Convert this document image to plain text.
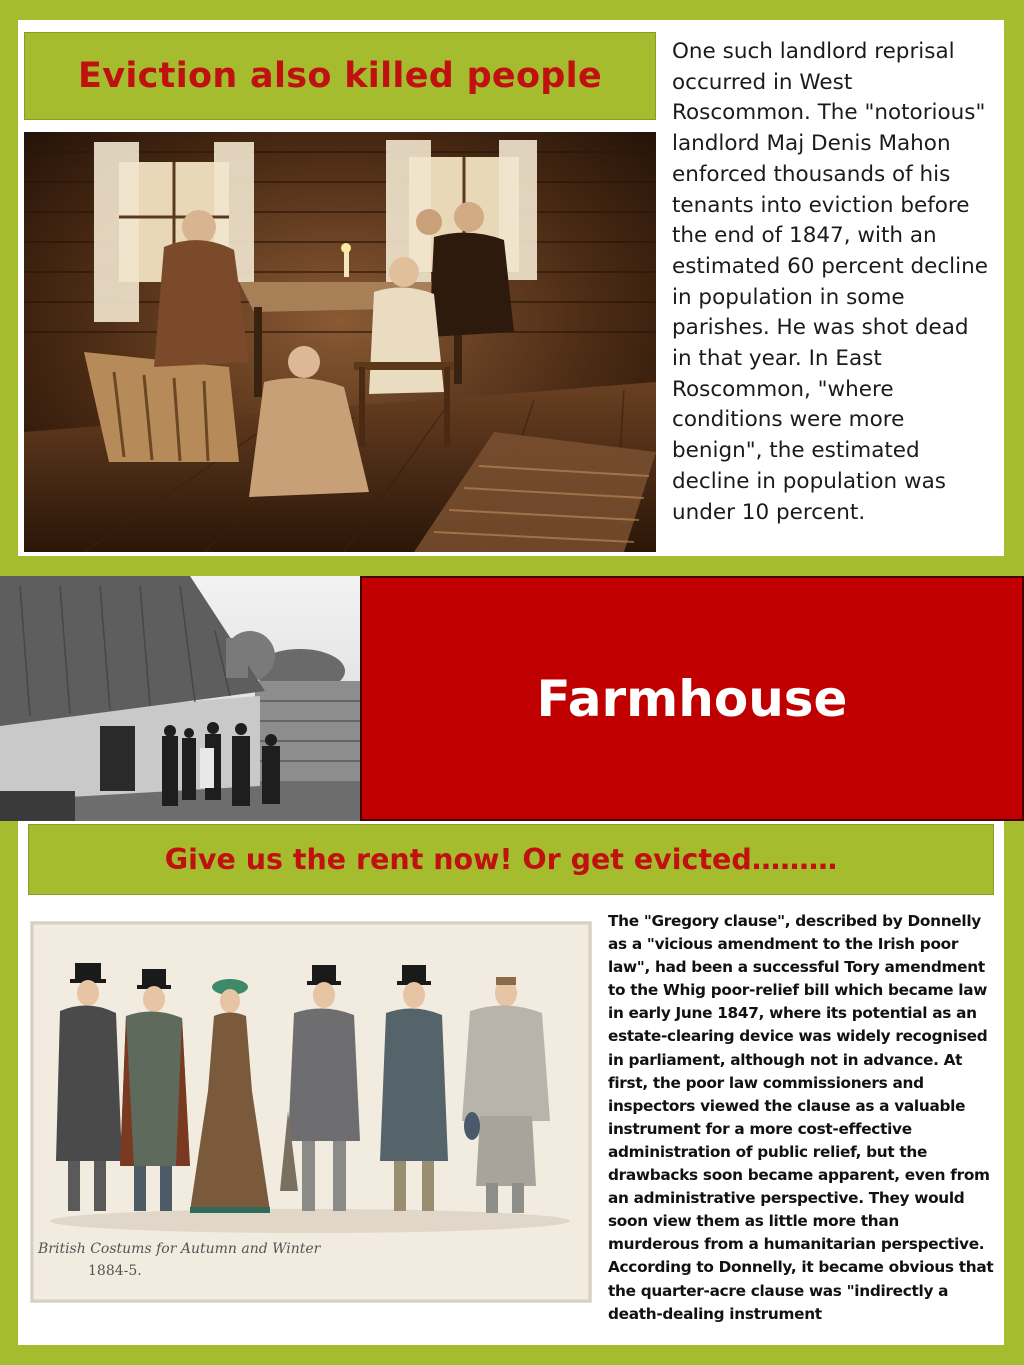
Eviction also killed people
One such landlord reprisal occurred in West Roscommon. The "notorious" landlord Maj Denis Mahon enforced thousands of his tenants into eviction before the end of 1847, with an estimated 60 percent decline in population in some parishes. He was shot dead in that year. In East Roscommon, "where conditions were more benign", the estimated decline in population was under 10 percent.
Farmhouse
Give us the rent now! Or get evicted………
British Costums for Autumn and Winter
1884-5.
The "Gregory clause", described by Donnelly as a "vicious amendment to the Irish poor law", had been a successful Tory amendment to the Whig poor-relief bill which became law in early June 1847, where its potential as an estate-clearing device was widely recognised in parliament, although not in advance. At first, the poor law commissioners and inspectors viewed the clause as a valuable instrument for a more cost-effective administration of public relief, but the drawbacks soon became apparent, even from an administrative perspective. They would soon view them as little more than murderous from a humanitarian perspective. According to Donnelly, it became obvious that the quarter-acre clause was "indirectly a death-dealing instrument
